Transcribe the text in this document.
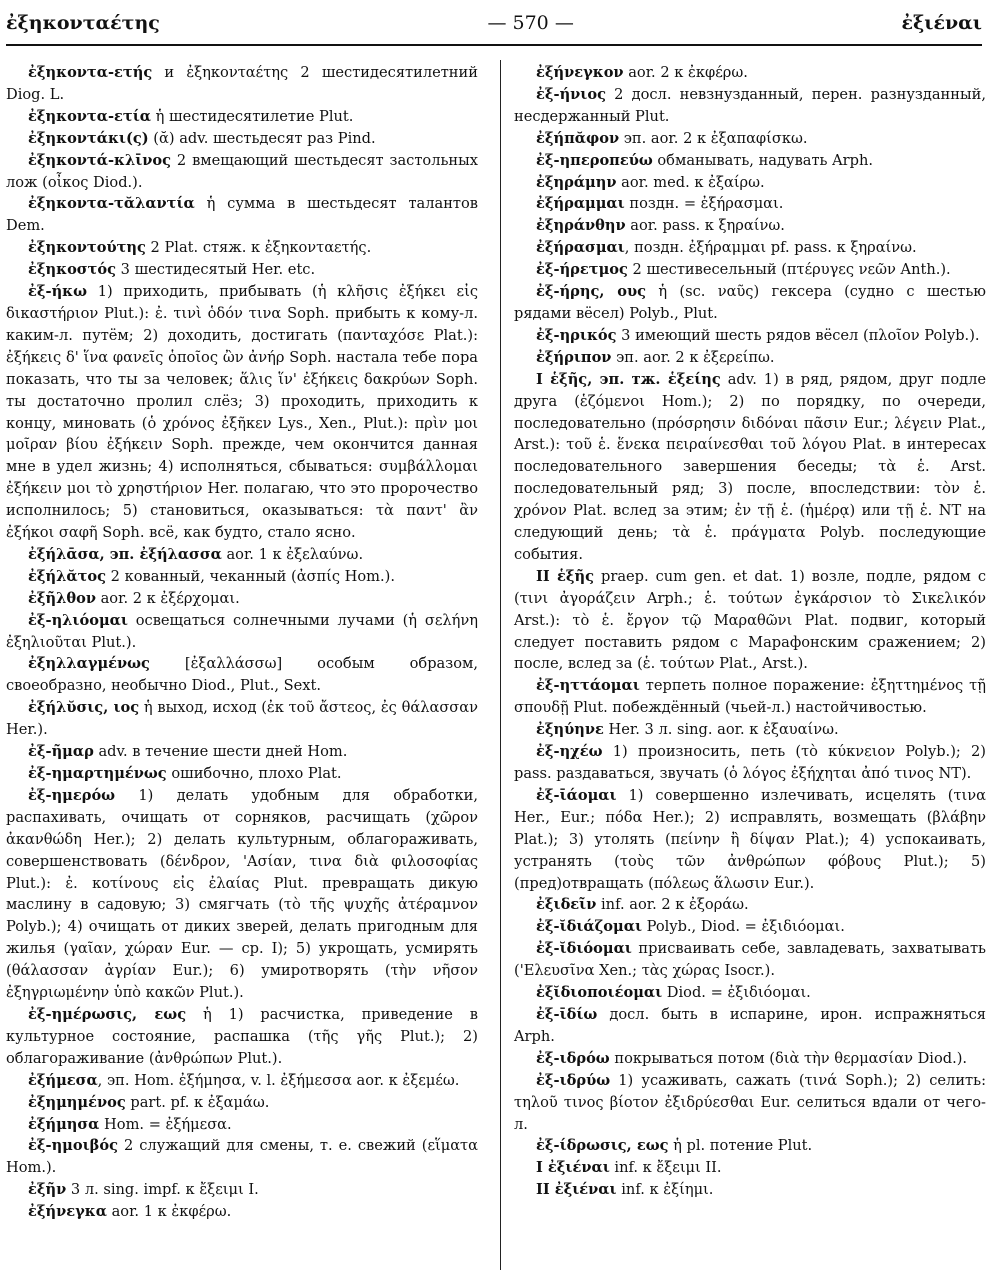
ἐξηκονταέτης	— 570 —	ἐξιέναι

ἐξηκοντα-ετής и ἐξηκονταέτης 2 шестидесятилетний Diog. L.

ἐξηκοντα-ετία ἡ шестидесятилетие Plut.

ἐξηκοντάκι(ς) (ᾰ) adv. шестьдесят раз Pind.

ἐξηκοντά-κλῑνος 2 вмещающий шестьдесят застольных лож (οἶκος Diod.).

ἐξηκοντα-τᾰλαντία ἡ сумма в шестьдесят талантов Dem.

ἐξηκοντούτης 2 Plat. стяж. к ἐξηκονταετής.

ἐξηκοστός 3 шестидесятый Her. etc.

ἐξ-ήκω 1) приходить, прибывать (ἡ κλῆσις ἐξήκει εἰς δικαστήριον Plut.): ἐ. τινὶ ὁδόν τινα Soph. прибыть к кому-л. каким-л. путём; 2) доходить, достигать (πανταχόσε Plat.): ἐξήκεις δ' ἵνα φανεῖς ὁποῖος ὢν ἀνήρ Soph. настала тебе пора показать, что ты за человек; ἅλις ἵν' ἐξήκεις δακρύων Soph. ты достаточно пролил слёз; 3) проходить, приходить к концу, миновать (ὁ χρόνος ἐξῆκεν Lys., Xen., Plut.): πρὶν μοι μοῖραν βίου ἐξήκειν Soph. прежде, чем окончится данная мне в удел жизнь; 4) исполняться, сбываться: συμβάλλομαι ἐξήκειν μοι τὸ χρηστήριον Her. полагаю, что это пророчество исполнилось; 5) становиться, оказываться: τὰ παντ' ἂν ἐξήκοι σαφῆ Soph. всё, как будто, стало ясно.

ἐξήλᾱσα, эп. ἐξήλασσα aor. 1 к ἐξελαύνω.

ἐξήλᾰτος 2 кованный, чеканный (ἀσπίς Hom.).

ἐξῆλθον aor. 2 к ἐξέρχομαι.

ἐξ-ηλιόομαι освещаться солнечными лучами (ἡ σελήνη ἐξηλιοῦται Plut.).

ἐξηλλαγμένως [ἐξαλλάσσω] особым образом, своеобразно, необычно Diod., Plut., Sext.

ἐξήλῠσις, ιος ἡ выход, исход (ἐκ τοῦ ἄστεος, ἐς θάλασσαν Her.).

ἐξ-ῆμαρ adv. в течение шести дней Hom.

ἐξ-ημαρτημένως ошибочно, плохо Plat.

ἐξ-ημερόω 1) делать удобным для обработки, распахивать, очищать от сорняков, расчищать (χῶρον ἀκανθώδη Her.); 2) делать культурным, облагораживать, совершенствовать (δένδρον, 'Ασίαν, τινα διὰ φιλοσοφίας Plut.): ἐ. κοτίνους εἰς ἐλαίας Plut. превращать дикую маслину в садовую; 3) смягчать (τὸ τῆς ψυχῆς ἀτέραμνον Polyb.); 4) очищать от диких зверей, делать пригодным для жилья (γαῖαν, χώραν Eur. — cp. I); 5) укрощать, усмирять (θάλασσαν ἀγρίαν Eur.); 6) умиротворять (τὴν νῆσον ἐξηγριωμένην ὑπὸ κακῶν Plut.).

ἐξ-ημέρωσις, εως ἡ 1) расчистка, приведение в культурное состояние, распашка (τῆς γῆς Plut.); 2) облагораживание (ἀνθρώπων Plut.).

ἐξήμεσα, эп. Hom. ἐξήμησα, v. l. ἐξήμεσσα aor. к ἐξεμέω.

ἐξημημένος part. pf. к ἐξαμάω.

ἐξήμησα Hom. = ἐξήμεσα.

ἐξ-ημοιβός 2 служащий для смены, т. е. свежий (εἵματα Hom.).

ἐξῆν 3 л. sing. impf. к ἔξειμι I.

ἐξήνεγκα aor. 1 к ἐκφέρω.

ἐξήνεγκον aor. 2 к ἐκφέρω.

ἐξ-ήνιος 2 досл. невзнузданный, перен. разнузданный, несдержанный Plut.

ἐξήπᾰφον эп. aor. 2 к ἐξαπαφίσκω.

ἐξ-ηπεροπεύω обманывать, надувать Arph.

ἐξηράμην aor. med. к ἐξαίρω.

ἐξήραμμαι поздн. = ἐξήρασμαι.

ἐξηράνθην aor. pass. к ξηραίνω.

ἐξήρασμαι, поздн. ἐξήραμμαι pf. pass. к ξηραίνω.

ἐξ-ήρετμος 2 шестивесельный (πτέρυγες νεῶν Anth.).

ἐξ-ήρης, ους ἡ (sc. ναῦς) гексера (судно с шестью рядами вёсел) Polyb., Plut.

ἐξ-ηρικός 3 имеющий шесть рядов вёсел (πλοῖον Polyb.).

ἐξήριπον эп. aor. 2 к ἐξερείπω.

I ἑξῆς, эп. тж. ἑξείης adv. 1) в ряд, рядом, друг подле друга (ἑζόμενοι Hom.); 2) по порядку, по очереди, последовательно (πρόσρησιν διδόναι πᾶσιν Eur.; λέγειν Plat., Arst.): τοῦ ἑ. ἕνεκα πειραίνεσθαι τοῦ λόγου Plat. в интересах последовательного завершения беседы; τὰ ἑ. Arst. последовательный ряд; 3) после, впоследствии: τὸν ἑ. χρόνον Plat. вслед за этим; ἐν τῇ ἑ. (ἡμέρᾳ) или τῇ ἑ. NT на следующий день; τὰ ἑ. πράγματα Polyb. последующие события.

II ἑξῆς praep. cum gen. et dat. 1) возле, подле, рядом с (τινι ἀγοράζειν Arph.; ἑ. τούτων ἐγκάρσιον τὸ Σικελικόν Arst.): τὸ ἑ. ἔργον τῷ Μαραθῶνι Plat. подвиг, который следует поставить рядом с Марафонским сражением; 2) после, вслед за (ἑ. τούτων Plat., Arst.).

ἐξ-ηττάομαι терпеть полное поражение: ἐξηττημένος τῇ σπουδῇ Plut. побеждённый (чьей-л.) настойчивостью.

ἐξηύηνε Her. 3 л. sing. aor. к ἐξαυαίνω.

ἐξ-ηχέω 1) произносить, петь (τὸ κύκνειον Polyb.); 2) pass. раздаваться, звучать (ὁ λόγος ἐξήχηται ἀπό τινος NT).

ἐξ-ῑάομαι 1) совершенно излечивать, исцелять (τινα Her., Eur.; πόδα Her.); 2) исправлять, возмещать (βλάβην Plat.); 3) утолять (πείνην ἢ δίψαν Plat.); 4) успокаивать, устранять (τοὺς τῶν ἀνθρώπων φόβους Plut.); 5) (пред)отвращать (πόλεως ἅλωσιν Eur.).

ἐξιδεῖν inf. aor. 2 к ἐξοράω.

ἐξ-ῐδιάζομαι Polyb., Diod. = ἐξιδιόομαι.

ἐξ-ῐδιόομαι присваивать себе, завладевать, захватывать ('Ελευσῖνα Xen.; τὰς χώρας Isocr.).

ἐξῐδιοποιέομαι Diod. = ἐξιδιόομαι.

ἐξ-ῑδίω досл. быть в испарине, ирон. испражняться Arph.

ἐξ-ιδρόω покрываться потом (διὰ τὴν θερμασίαν Diod.).

ἐξ-ιδρύω 1) усаживать, сажать (τινά Soph.); 2) селить: τηλοῦ τινος βίοτον ἐξιδρύεσθαι Eur. селиться вдали от чего-л.

ἐξ-ίδρωσις, εως ἡ pl. потение Plut.

I ἐξιέναι inf. к ἔξειμι II.

II ἐξιέναι inf. к ἐξίημι.
